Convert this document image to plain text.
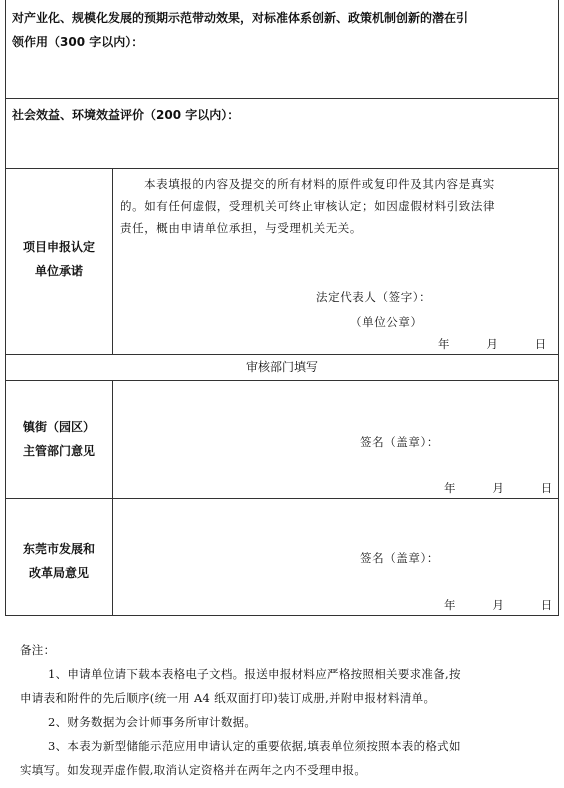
对产业化、规模化发展的预期示范带动效果，对标准体系创新、政策机制创新的潜在引
领作用（300 字以内）：
社会效益、环境效益评价（200 字以内）：
项目申报认定
单位承诺
本表填报的内容及提交的所有材料的原件或复印件及其内容是真实
的。如有任何虚假，受理机关可终止审核认定；如因虚假材料引致法律
责任，概由申请单位承担，与受理机关无关。
法定代表人（签字）：
（单位公章）
年　　　月　　　日
审核部门填写
镇街（园区）
主管部门意见
签名（盖章）：
年　　　月　　　日
东莞市发展和
改革局意见
签名（盖章）：
年　　　月　　　日

备注：

1、申请单位请下载本表格电子文档。报送申报材料应严格按照相关要求准备,按

申请表和附件的先后顺序(统一用 A4 纸双面打印)装订成册,并附申报材料清单。

2、财务数据为会计师事务所审计数据。

3、本表为新型储能示范应用申请认定的重要依据,填表单位须按照本表的格式如

实填写。如发现弄虚作假,取消认定资格并在两年之内不受理申报。
